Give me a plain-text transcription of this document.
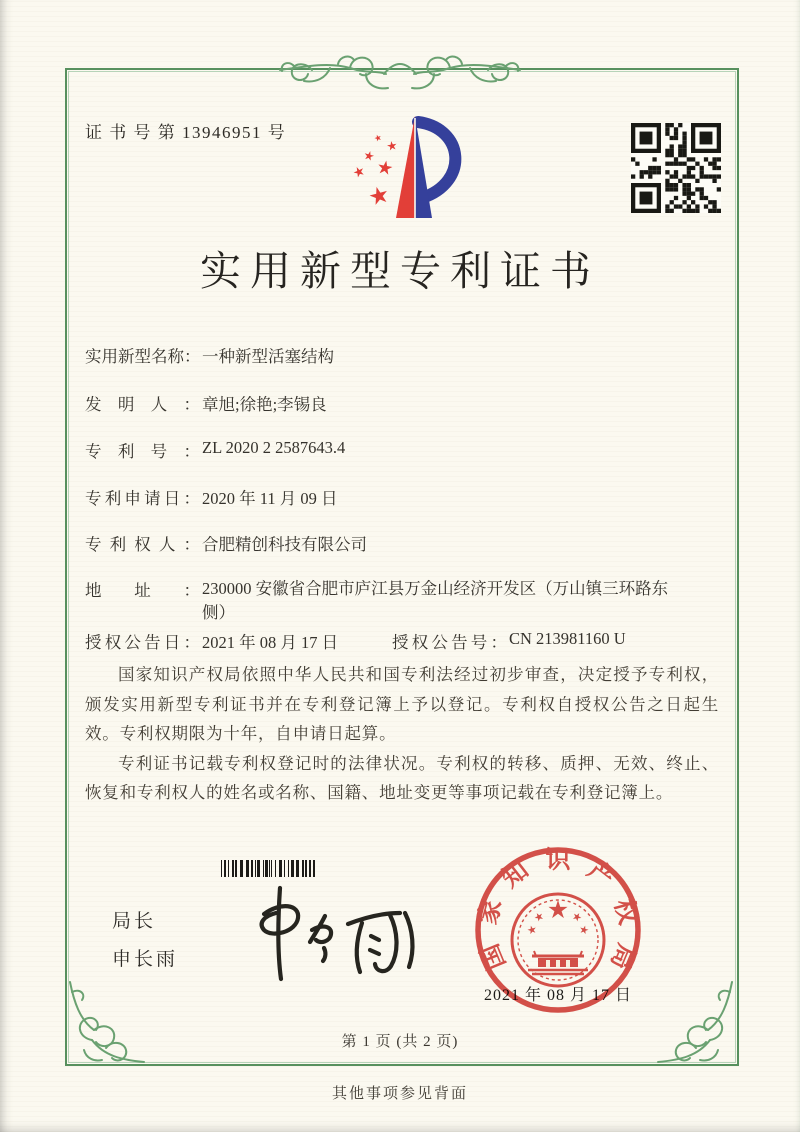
证 书 号 第 13946951 号
实用新型专利证书
实用新型名称：一种新型活塞结构
发明人： 章旭;徐艳;李锡良
专利号： ZL 2020 2 2587643.4
专利申请日： 2020 年 11 月 09 日
专利权人： 合肥精创科技有限公司
地址： 230000 安徽省合肥市庐江县万金山经济开发区（万山镇三环路东侧）
授权公告日： 2021 年 08 月 17 日	授权公告号： CN 213981160 U

国家知识产权局依照中华人民共和国专利法经过初步审查，决定授予专利权，颁发实用新型专利证书并在专利登记簿上予以登记。专利权自授权公告之日起生效。专利权期限为十年，自申请日起算。

专利证书记载专利权登记时的法律状况。专利权的转移、质押、无效、终止、恢复和专利权人的姓名或名称、国籍、地址变更等事项记载在专利登记簿上。

局长
申长雨
2021 年 08 月 17 日
国家知识产权局
第 1 页 (共 2 页)
其他事项参见背面
